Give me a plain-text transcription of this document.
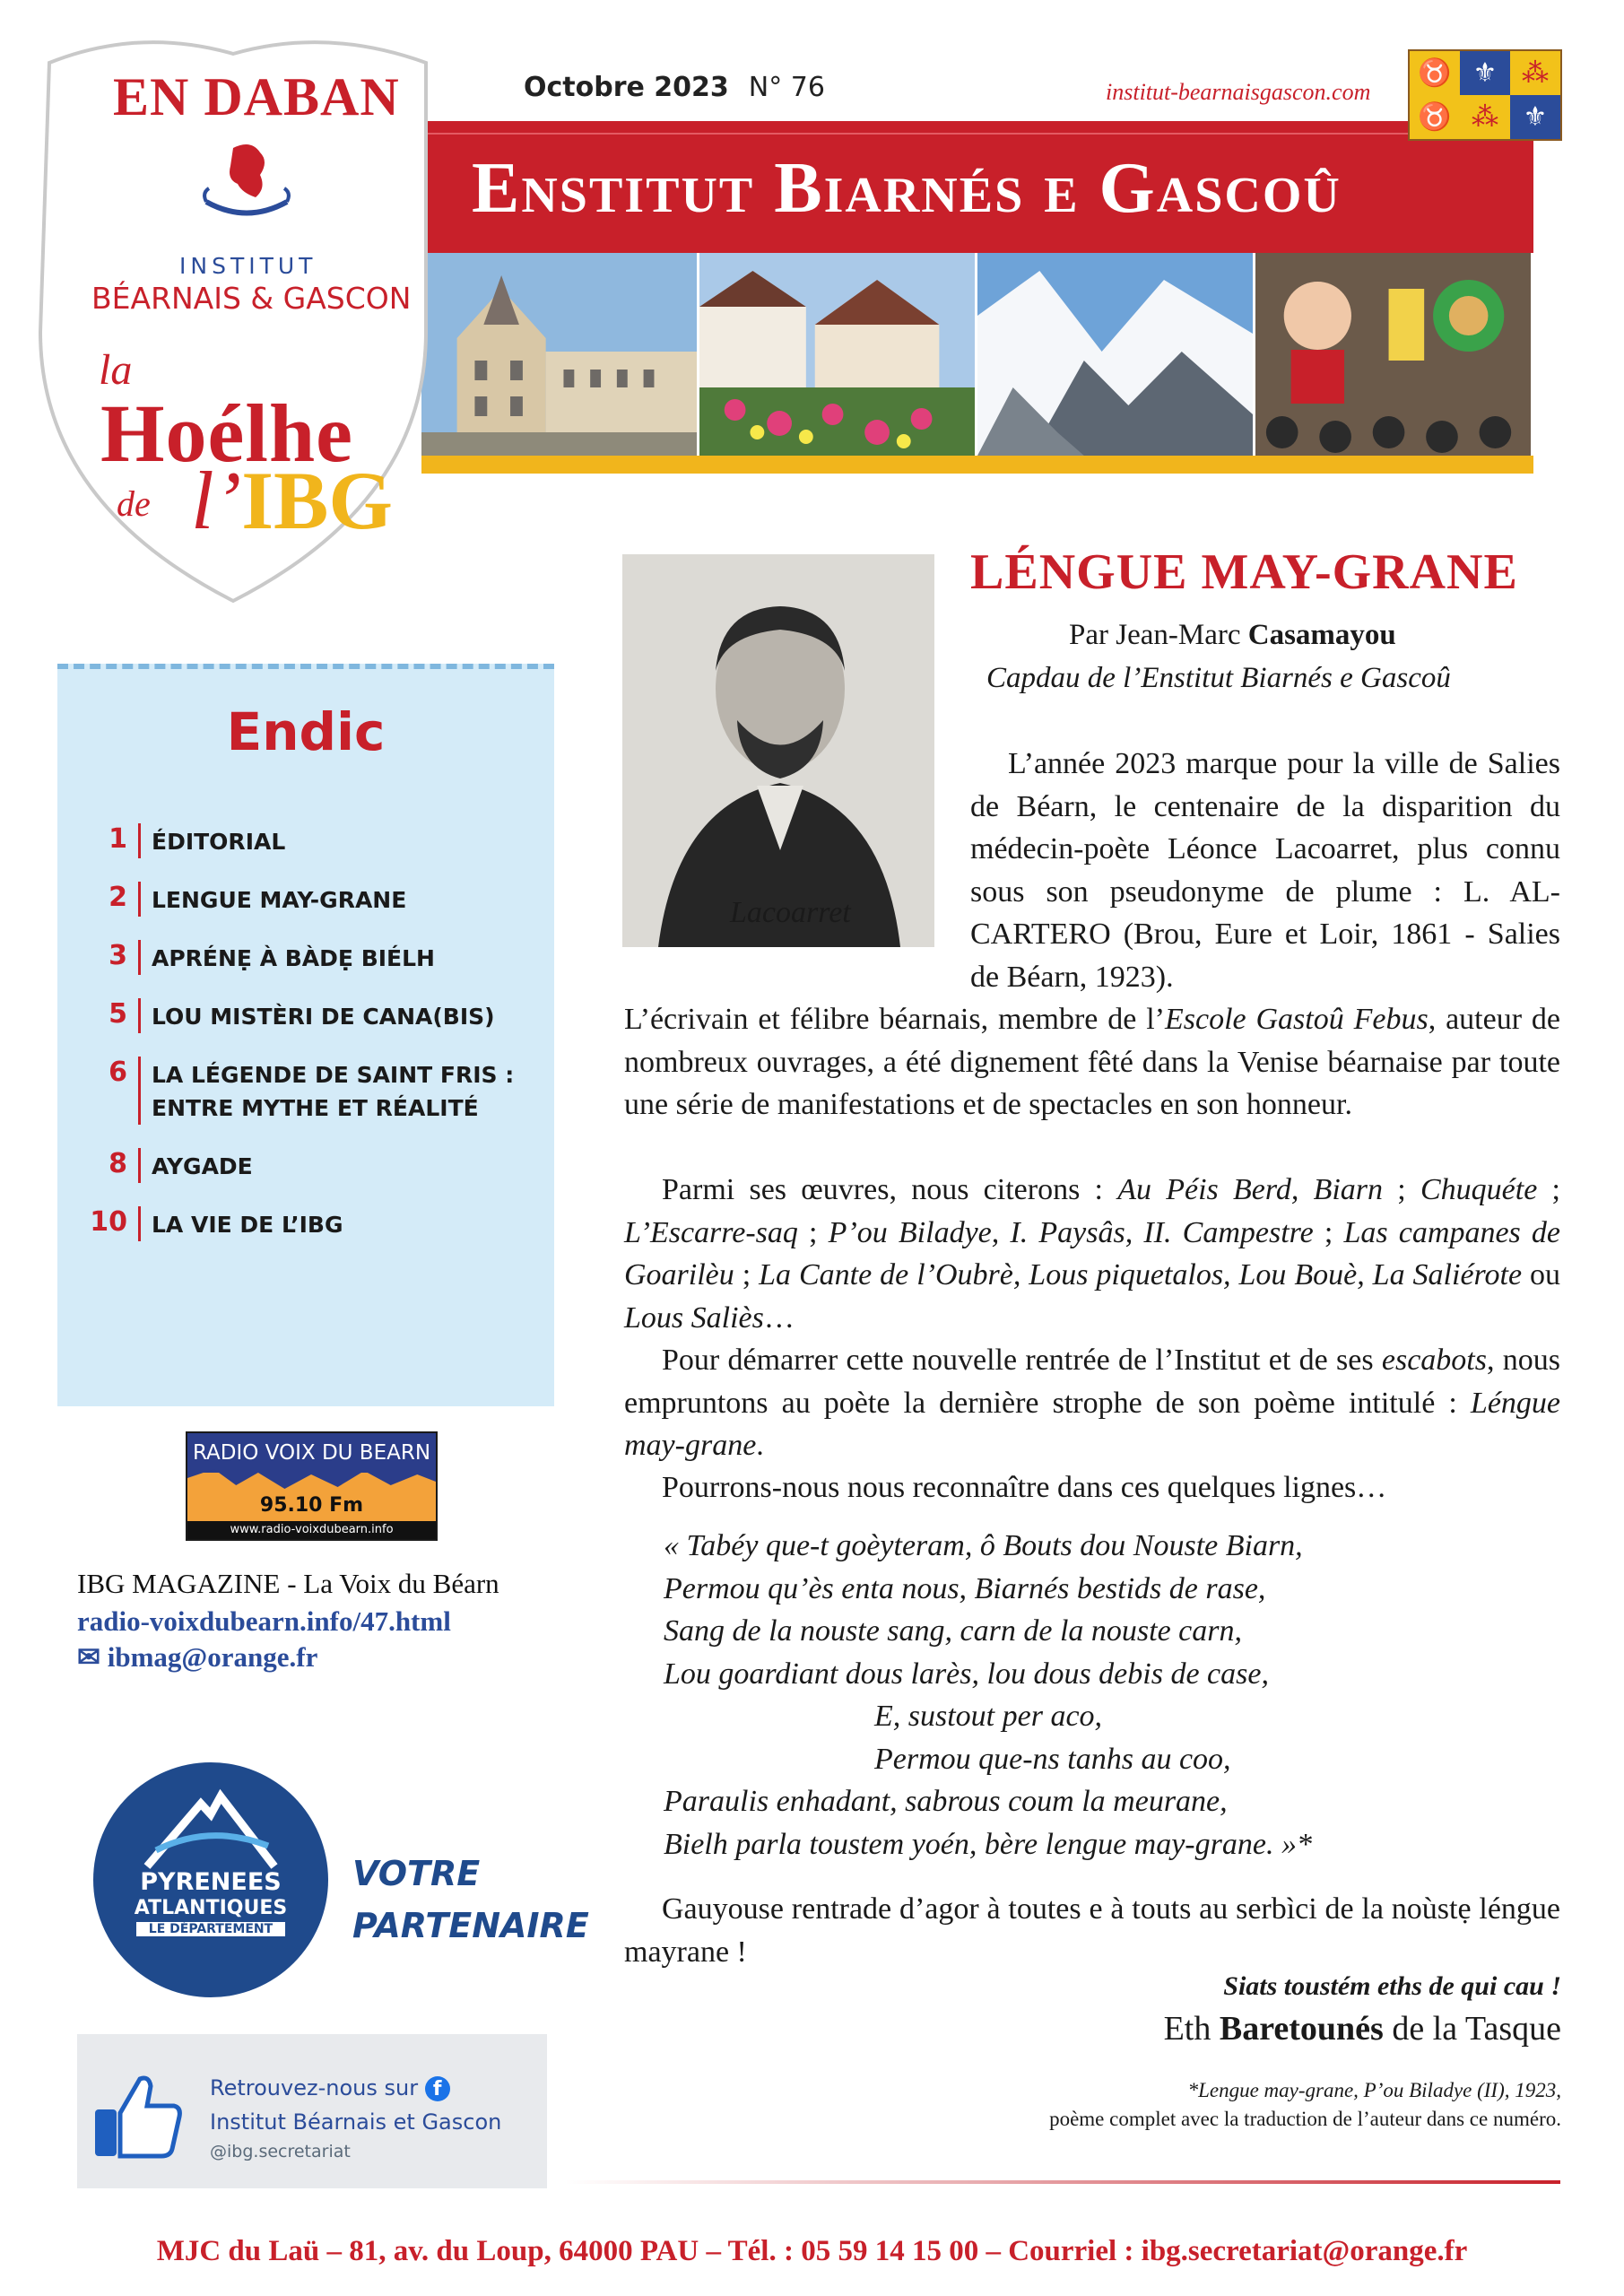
Enstitut Biarnés e Gascoû
Octobre 2023 N° 76	institut-bearnaisgascon.com
♉ ⚜ ⁂
♉ ⁂ ⚜
EN DABAN
INSTITUT
BÉARNAIS & GASCON
la
Hoélhe
de l’IBG
Endic
1	ÉDITORIAL
2	LENGUE MAY-GRANE
3	APRÉNẸ À BÀDẸ BIÉLH
5	LOU MISTÈRI DE CANA(BIS)
6	LA LÉGENDE DE SAINT FRIS :
ENTRE MYTHE ET RÉALITÉ
8	AYGADE
10	LA VIE DE L’IBG
RADIO VOIX DU BEARN
95.10 Fm
www.radio-voixdubearn.info
IBG MAGAZINE - La Voix du Béarn
radio-voixdubearn.info/47.html
✉ ibmag@orange.fr
PYRENEES
ATLANTIQUES
LE DÉPARTEMENT
VOTRE
PARTENAIRE
Retrouvez-nous sur f
Institut Béarnais et Gascon
@ibg.secretariat
Lacoarret
LÉNGUE MAY-GRANE
Par Jean-Marc Casamayou
Capdau de l’Enstitut Biarnés e Gascoû
L’année 2023 marque pour la ville de Salies de Béarn, le centenaire de la disparition du médecin-poète Léonce Lacoarret, plus connu sous son pseudonyme de plume : L. AL-CARTERO (Brou, Eure et Loir, 1861 - Salies de Béarn, 1923).
L’écrivain et félibre béarnais, membre de l’Escole Gastoû Febus, auteur de nombreux ouvrages, a été dignement fêté dans la Venise béarnaise par toute une série de manifestations et de spectacles en son honneur.
Parmi ses œuvres, nous citerons : Au Péis Berd, Biarn ; Chuquéte ; L’Escarre-saq ; P’ou Biladye, I. Paysâs, II. Campestre ; Las campanes de Goarilèu ; La Cante de l’Oubrè, Lous piquetalos, Lou Bouè, La Saliérote ou Lous Saliès…
Pour démarrer cette nouvelle rentrée de l’Institut et de ses escabots, nous empruntons au poète la dernière strophe de son poème intitulé : Léngue may-grane.
Pourrons-nous nous reconnaître dans ces quelques lignes…
« Tabéy que-t goèyteram, ô Bouts dou Nouste Biarn,
Permou qu’ès enta nous, Biarnés bestids de rase,
Sang de la nouste sang, carn de la nouste carn,
Lou goardiant dous larès, lou dous debis de case,
E, sustout per aco,
Permou que-ns tanhs au coo,
Paraulis enhadant, sabrous coum la meurane,
Bielh parla toustem yoén, bère lengue may-grane. »*
Gauyouse rentrade d’agor à toutes e à touts au serbìci de la noùstẹ léngue mayrane !
Siats toustém eths de qui cau !
Eth Baretounés de la Tasque
*Lengue may-grane, P’ou Biladye (II), 1923,
poème complet avec la traduction de l’auteur dans ce numéro.
MJC du Laü – 81, av. du Loup, 64000 PAU – Tél. : 05 59 14 15 00 – Courriel : ibg.secretariat@orange.fr
